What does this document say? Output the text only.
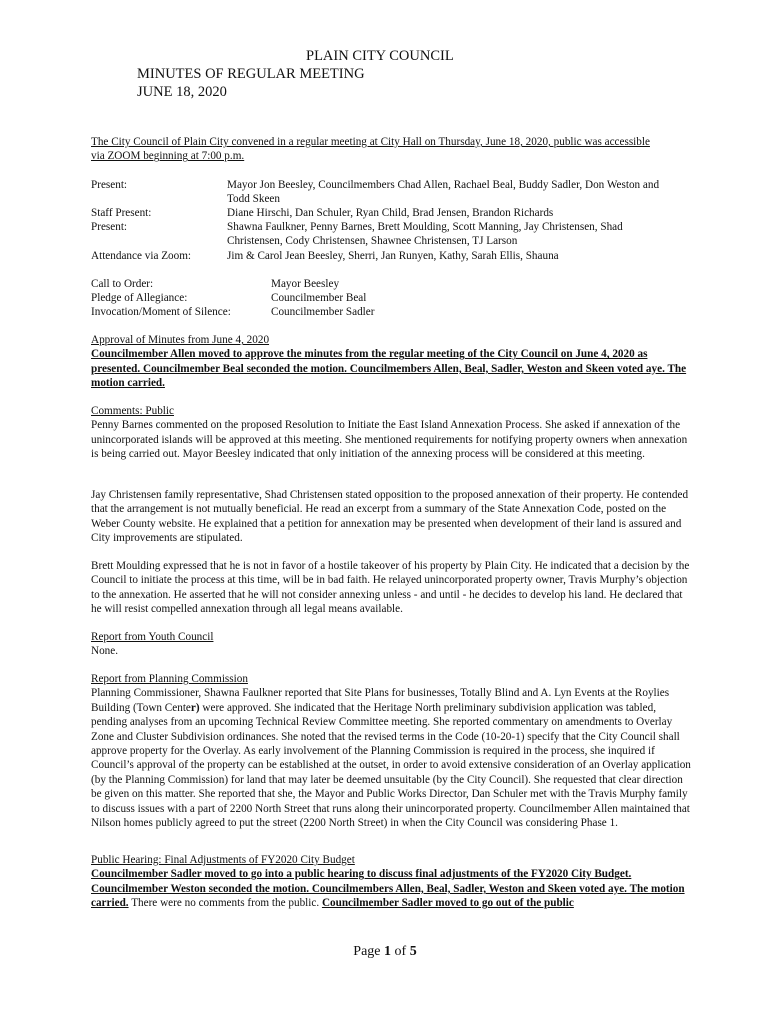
PLAIN CITY COUNCIL
MINUTES OF REGULAR MEETING
JUNE 18, 2020
The City Council of Plain City convened in a regular meeting at City Hall on Thursday, June 18, 2020, public was accessible via ZOOM beginning at 7:00 p.m.
Present:	Mayor Jon Beesley, Councilmembers Chad Allen, Rachael Beal, Buddy Sadler, Don Weston and Todd Skeen
Staff Present:	Diane Hirschi, Dan Schuler, Ryan Child, Brad Jensen, Brandon Richards
Present:	Shawna Faulkner, Penny Barnes, Brett Moulding, Scott Manning, Jay Christensen, Shad Christensen, Cody Christensen, Shawnee Christensen, TJ Larson
Attendance via Zoom:	Jim & Carol Jean Beesley, Sherri, Jan Runyen, Kathy, Sarah Ellis, Shauna
Call to Order:	Mayor Beesley
Pledge of Allegiance:	Councilmember Beal
Invocation/Moment of Silence:	Councilmember Sadler

Approval of Minutes from June 4, 2020

Councilmember Allen moved to approve the minutes from the regular meeting of the City Council on June 4, 2020 as presented. Councilmember Beal seconded the motion. Councilmembers Allen, Beal, Sadler, Weston and Skeen voted aye. The motion carried.

Comments: Public

Penny Barnes commented on the proposed Resolution to Initiate the East Island Annexation Process. She asked if annexation of the unincorporated islands will be approved at this meeting. She mentioned requirements for notifying property owners when annexation is being carried out. Mayor Beesley indicated that only initiation of the annexing process will be considered at this meeting.

Jay Christensen family representative, Shad Christensen stated opposition to the proposed annexation of their property. He contended that the arrangement is not mutually beneficial. He read an excerpt from a summary of the State Annexation Code, posted on the Weber County website. He explained that a petition for annexation may be presented when development of their land is assured and City improvements are stipulated.
Brett Moulding expressed that he is not in favor of a hostile takeover of his property by Plain City. He indicated that a decision by the Council to initiate the process at this time, will be in bad faith. He relayed unincorporated property owner, Travis Murphy’s objection to the annexation. He asserted that he will not consider annexing unless - and until - he decides to develop his land. He declared that he will resist compelled annexation through all legal means available.

Report from Youth Council

None.

Report from Planning Commission

Planning Commissioner, Shawna Faulkner reported that Site Plans for businesses, Totally Blind and A. Lyn Events at the Roylies Building (Town Center) were approved. She indicated that the Heritage North preliminary subdivision application was tabled, pending analyses from an upcoming Technical Review Committee meeting. She reported commentary on amendments to Overlay Zone and Cluster Subdivision ordinances. She noted that the revised terms in the Code (10-20-1) specify that the City Council shall approve property for the Overlay. As early involvement of the Planning Commission is required in the process, she inquired if Council’s approval of the property can be established at the outset, in order to avoid extensive consideration of an Overlay application (by the Planning Commission) for land that may later be deemed unsuitable (by the City Council). She requested that clear direction be given on this matter. She reported that she, the Mayor and Public Works Director, Dan Schuler met with the Travis Murphy family to discuss issues with a part of 2200 North Street that runs along their unincorporated property. Councilmember Allen maintained that Nilson homes publicly agreed to put the street (2200 North Street) in when the City Council was considering Phase 1.

Public Hearing: Final Adjustments of FY2020 City Budget

Councilmember Sadler moved to go into a public hearing to discuss final adjustments of the FY2020 City Budget. Councilmember Weston seconded the motion. Councilmembers Allen, Beal, Sadler, Weston and Skeen voted aye. The motion carried. There were no comments from the public. Councilmember Sadler moved to go out of the public

Page 1 of 5
